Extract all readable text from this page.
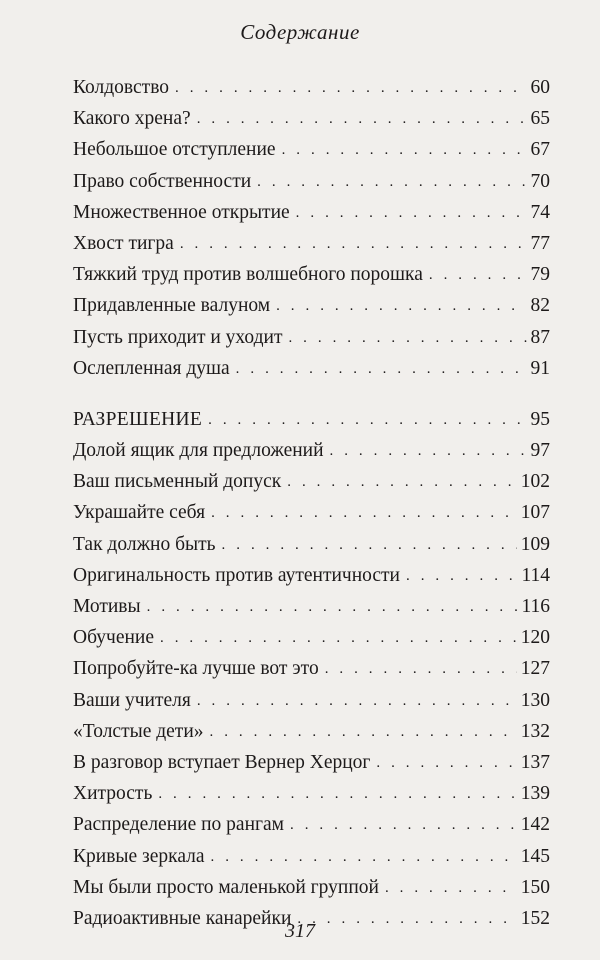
Содержание
Колдовство . . .	60
Какого хрена? . . .	65
Небольшое отступление . . .	67
Право собственности . . .	70
Множественное открытие . . .	74
Хвост тигра . . .	77
Тяжкий труд против волшебного порошка . . .	79
Придавленные валуном . . .	82
Пусть приходит и уходит . . .	87
Ослепленная душа . . .	91
РАЗРЕШЕНИЕ . . .	95
Долой ящик для предложений . . .	97
Ваш письменный допуск . . .	102
Украшайте себя . . .	107
Так должно быть . . .	109
Оригинальность против аутентичности . . .	114
Мотивы . . .	116
Обучение . . .	120
Попробуйте-ка лучше вот это . . .	127
Ваши учителя . . .	130
«Толстые дети» . . .	132
В разговор вступает Вернер Херцог . . .	137
Хитрость . . .	139
Распределение по рангам . . .	142
Кривые зеркала . . .	145
Мы были просто маленькой группой . . .	150
Радиоактивные канарейки . . .	152
317
